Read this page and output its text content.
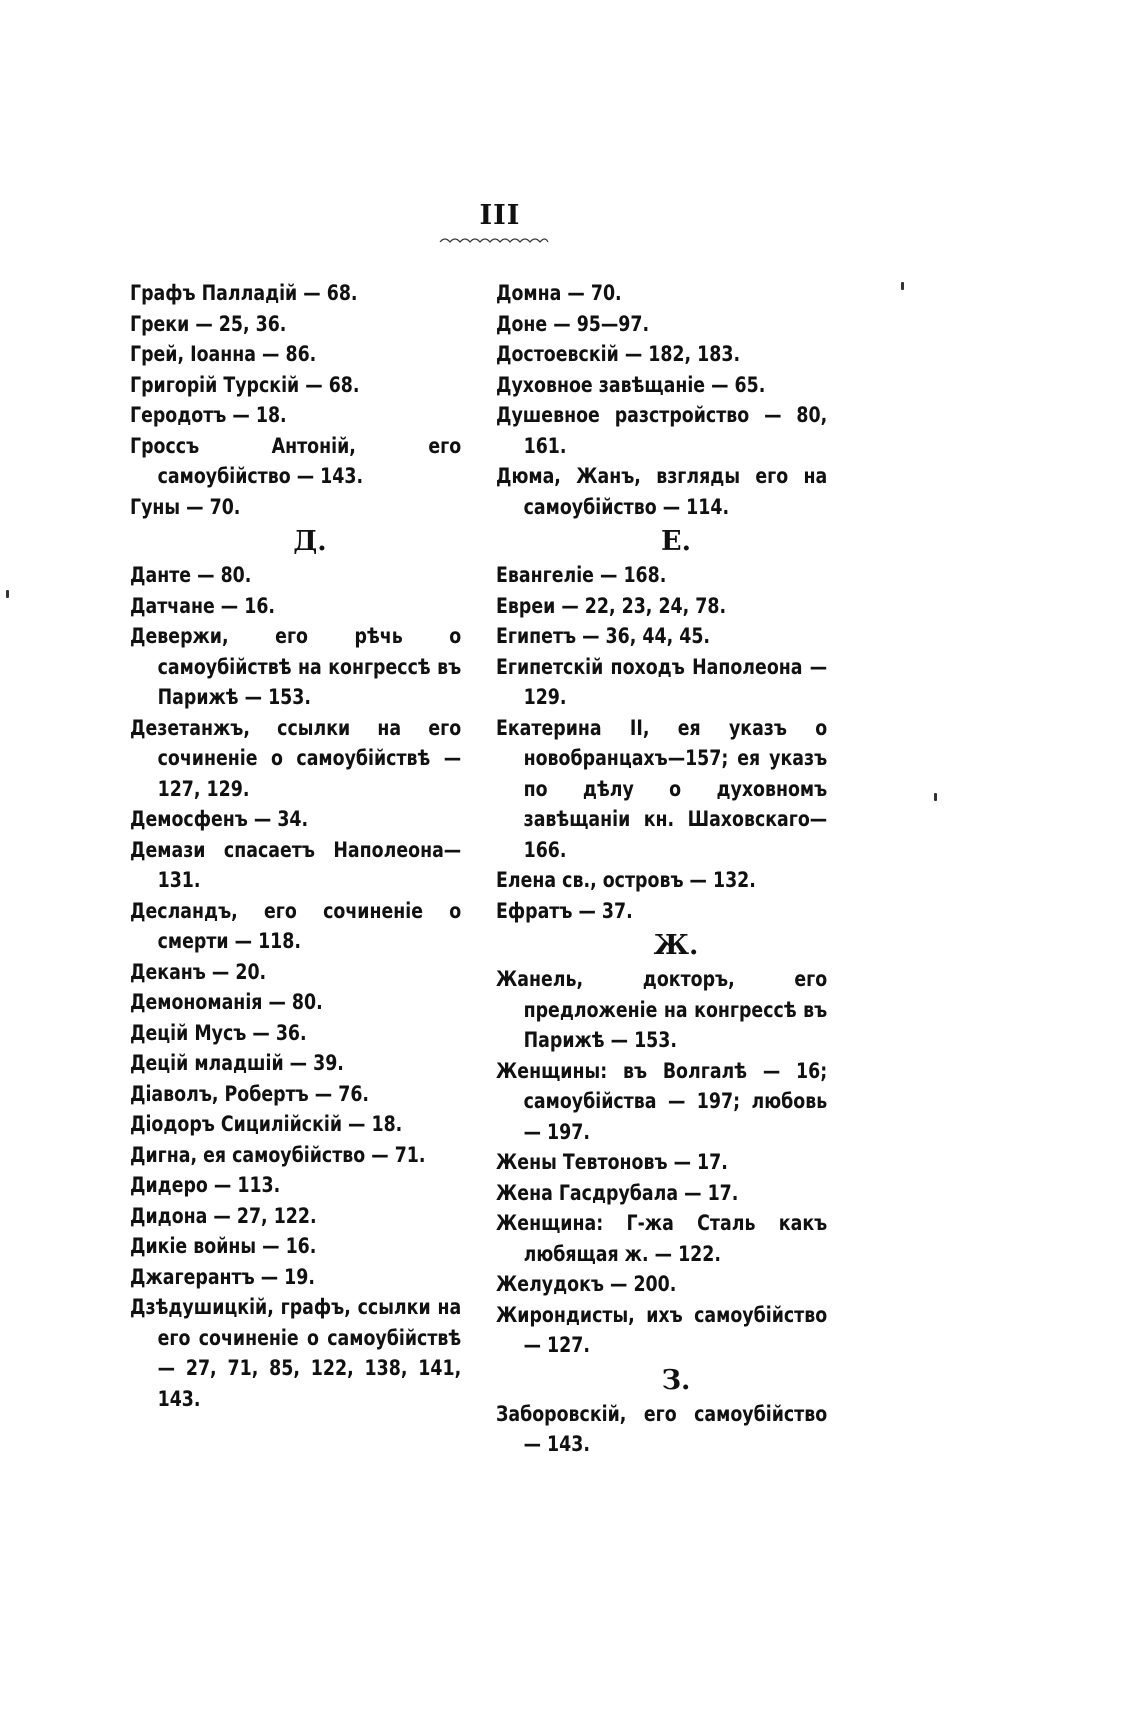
III
Графъ Палладій — 68.
Греки — 25, 36.
Грей, Іоанна — 86.
Григорій Турскій — 68.
Геродотъ — 18.
Гроссъ Антоній, его самоубійство — 143.
Гуны — 70.
Д.
Данте — 80.
Датчане — 16.
Девержи, его рѣчь о самоубійствѣ на конгрессѣ въ Парижѣ — 153.
Дезетанжъ, ссылки на его сочиненіе о самоубійствѣ — 127, 129.
Демосфенъ — 34.
Демази спасаетъ Наполеона— 131.
Десландъ, его сочиненіе о смерти — 118.
Деканъ — 20.
Демономанія — 80.
Децій Мусъ — 36.
Децій младшій — 39.
Діаволъ, Робертъ — 76.
Діодоръ Сицилійскій — 18.
Дигна, ея самоубійство — 71.
Дидеро — 113.
Дидона — 27, 122.
Дикіе войны — 16.
Джагерантъ — 19.
Дзѣдушицкій, графъ, ссылки на его сочиненіе о самоубійствѣ — 27, 71, 85, 122, 138, 141, 143.
Домна — 70.
Доне — 95—97.
Достоевскій — 182, 183.
Духовное завѣщаніе — 65.
Душевное разстройство — 80, 161.
Дюма, Жанъ, взгляды его на самоубійство — 114.
Е.
Евангеліе — 168.
Евреи — 22, 23, 24, 78.
Египетъ — 36, 44, 45.
Египетскій походъ Наполеона — 129.
Екатерина II, ея указъ о новобранцахъ—157; ея указъ по дѣлу о духовномъ завѣщаніи кн. Шаховскаго—166.
Елена св., островъ — 132.
Ефратъ — 37.
Ж.
Жанель, докторъ, его предложеніе на конгрессѣ въ Парижѣ — 153.
Женщины: въ Волгалѣ — 16; самоубійства — 197; любовь — 197.
Жены Тевтоновъ — 17.
Жена Гасдрубала — 17.
Женщина: Г-жа Сталь какъ любящая ж. — 122.
Желудокъ — 200.
Жирондисты, ихъ самоубійство — 127.
З.
Заборовскій, его самоубійство — 143.
